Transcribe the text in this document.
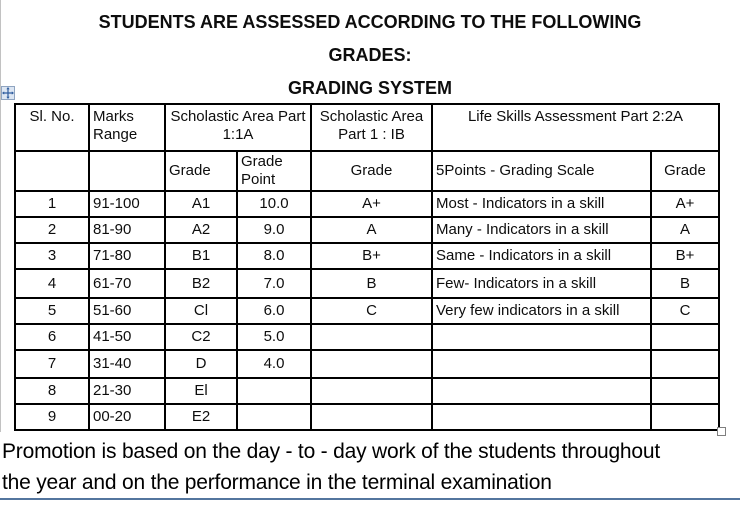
STUDENTS ARE ASSESSED ACCORDING TO THE FOLLOWING
GRADES:
GRADING SYSTEM
Sl. No.	Marks Range	Scholastic Area Part 1:1A		Scholastic Area Part 1 : IB	Life Skills Assessment Part 2:2A	
		Grade	Grade Point	Grade	5Points - Grading Scale	Grade
1	91-100	A1	10.0	A+	Most - Indicators in a skill	A+
2	81-90	A2	9.0	A	Many - Indicators in a skill	A
3	71-80	B1	8.0	B+	Same - Indicators in a skill	B+
4	61-70	B2	7.0	B	Few- Indicators in a skill	B
5	51-60	Cl	6.0	C	Very few indicators in a skill	C
6	41-50	C2	5.0			
7	31-40	D	4.0			
8	21-30	El				
9	00-20	E2				
Promotion is based on the day - to - day work of the students throughout
the year and on the performance in the terminal examination
